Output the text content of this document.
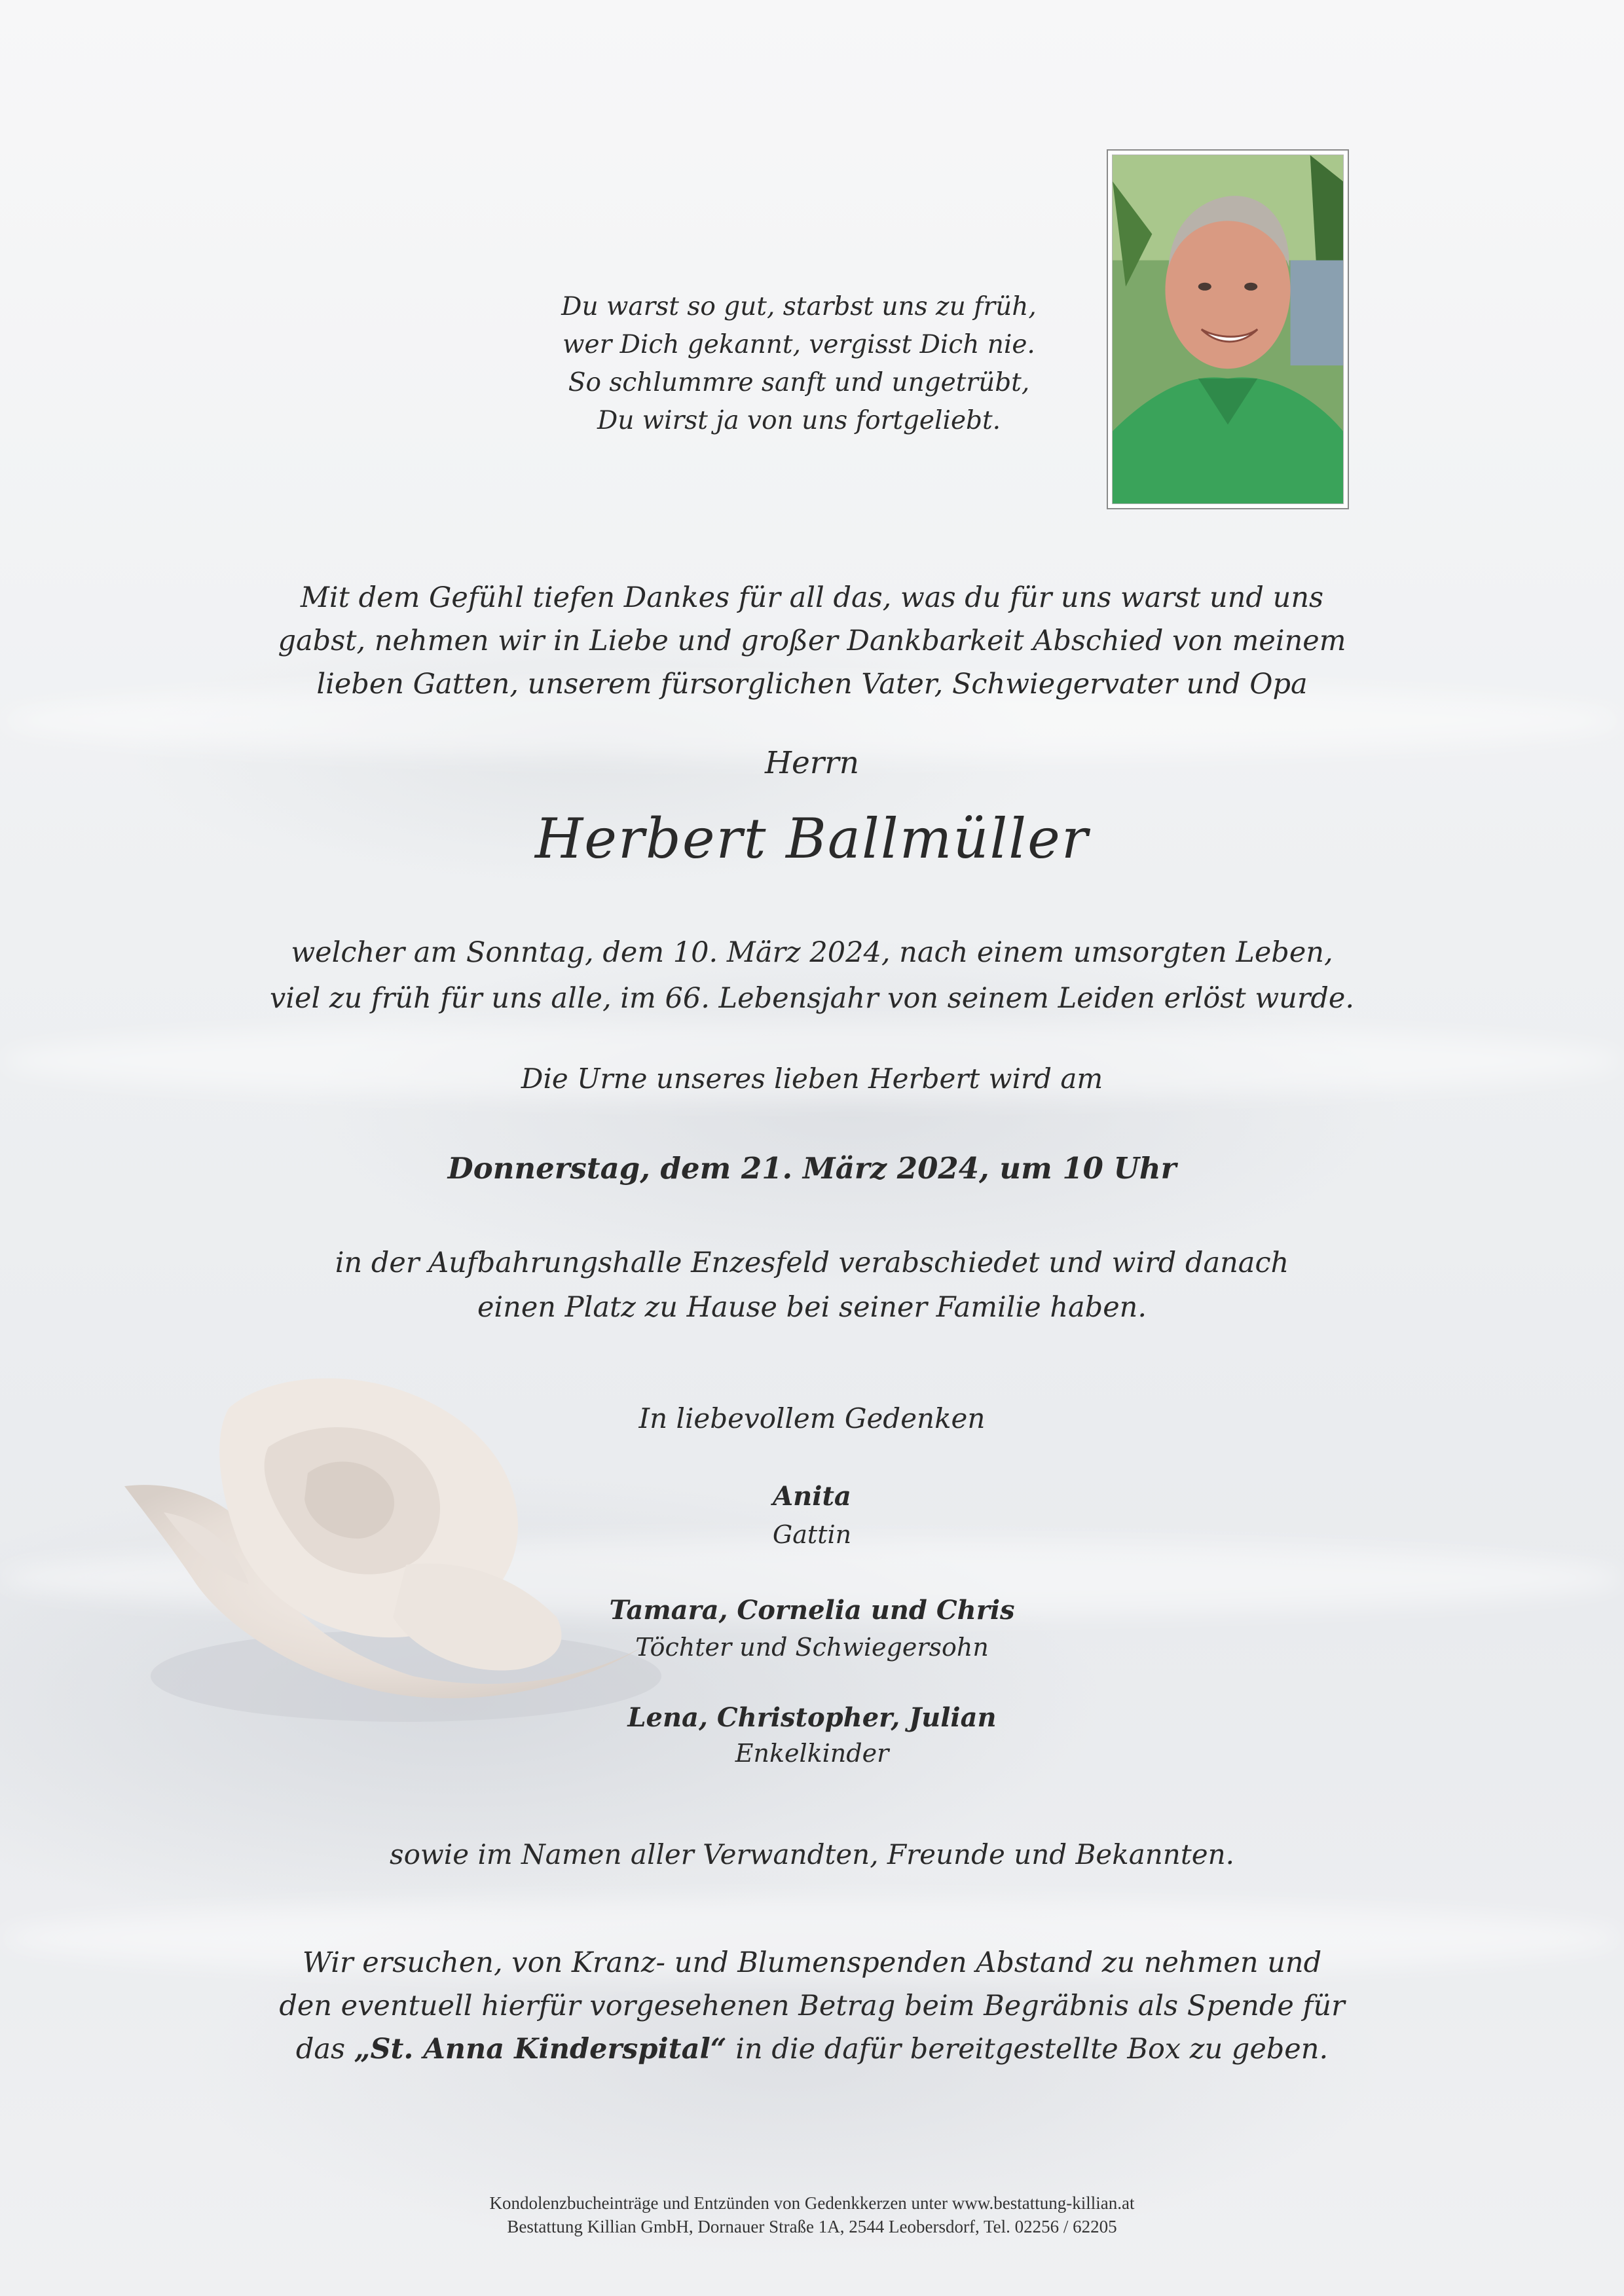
Du warst so gut, starbst uns zu früh,
wer Dich gekannt, vergisst Dich nie.
So schlummre sanft und ungetrübt,
Du wirst ja von uns fortgeliebt.
Mit dem Gefühl tiefen Dankes für all das, was du für uns warst und uns
gabst, nehmen wir in Liebe und großer Dankbarkeit Abschied von meinem
lieben Gatten, unserem fürsorglichen Vater, Schwiegervater und Opa
Herrn
Herbert Ballmüller
welcher am Sonntag, dem 10. März 2024, nach einem umsorgten Leben,
viel zu früh für uns alle, im 66. Lebensjahr von seinem Leiden erlöst wurde.
Die Urne unseres lieben Herbert wird am
Donnerstag, dem 21. März 2024, um 10 Uhr
in der Aufbahrungshalle Enzesfeld verabschiedet und wird danach
einen Platz zu Hause bei seiner Familie haben.
In liebevollem Gedenken
Anita
Gattin
Tamara, Cornelia und Chris
Töchter und Schwiegersohn
Lena, Christopher, Julian
Enkelkinder
sowie im Namen aller Verwandten, Freunde und Bekannten.
Wir ersuchen, von Kranz- und Blumenspenden Abstand zu nehmen und
den eventuell hierfür vorgesehenen Betrag beim Begräbnis als Spende für
das „St. Anna Kinderspital“ in die dafür bereitgestellte Box zu geben.
Kondolenzbucheinträge und Entzünden von Gedenkkerzen unter www.bestattung-killian.at
Bestattung Killian GmbH, Dornauer Straße 1A, 2544 Leobersdorf, Tel. 02256 / 62205
